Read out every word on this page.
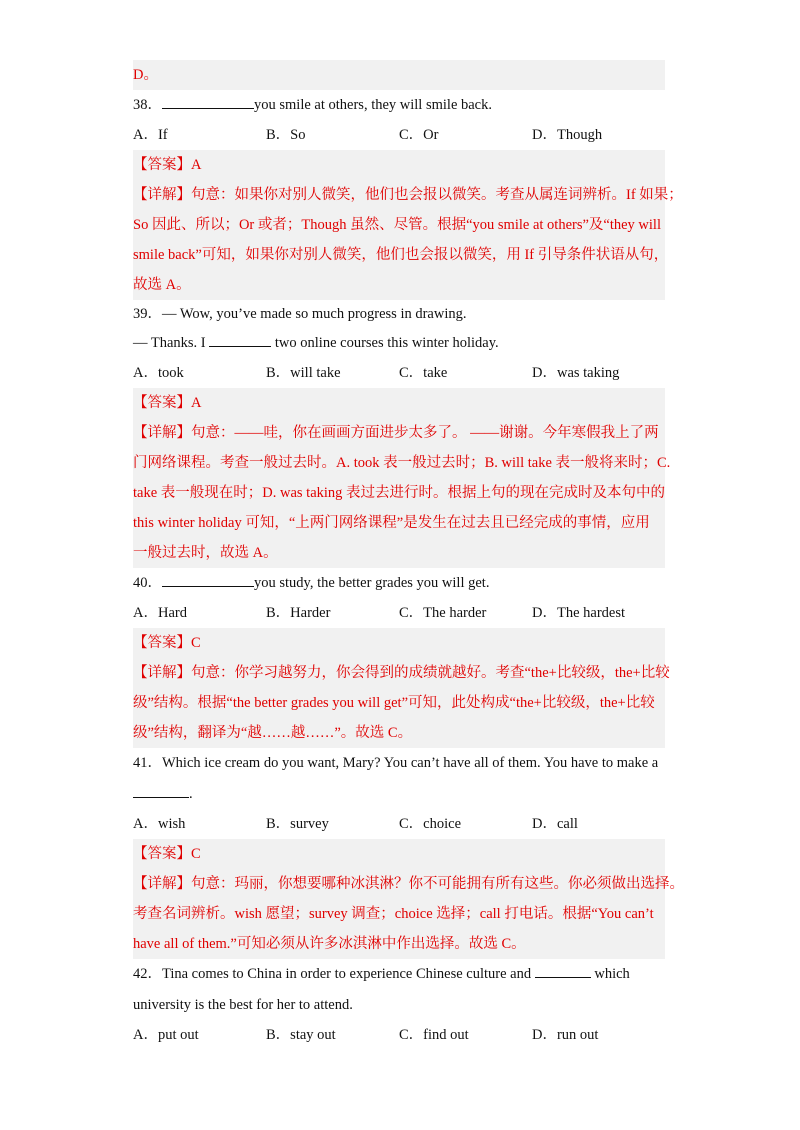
D。
38．	you smile at others, they will smile back.
A．If	B．So	C．Or	D．Though
【答案】A
【详解】句意：如果你对别人微笑，他们也会报以微笑。考查从属连词辨析。If 如果；
So 因此、所以；Or 或者；Though 虽然、尽管。根据“you smile at others”及“they will
smile back”可知，如果你对别人微笑，他们也会报以微笑，用 If 引导条件状语从句，
故选 A。
39．— Wow, you’ve made so much progress in drawing.
— Thanks. I	two online courses this winter holiday.
A．took	B．will take	C．take	D．was taking
【答案】A
【详解】句意：——哇，你在画画方面进步太多了。 ——谢谢。今年寒假我上了两
门网络课程。考查一般过去时。A. took 表一般过去时；B. will take 表一般将来时；C.
take 表一般现在时；D. was taking 表过去进行时。根据上句的现在完成时及本句中的
this winter holiday 可知，“上两门网络课程”是发生在过去且已经完成的事情，应用
一般过去时，故选 A。
40．	you study, the better grades you will get.
A．Hard	B．Harder	C．The harder	D．The hardest
【答案】C
【详解】句意：你学习越努力，你会得到的成绩就越好。考查“the+比较级，the+比较
级”结构。根据“the better grades you will get”可知，此处构成“the+比较级，the+比较
级”结构，翻译为“越……越……”。故选 C。
41．Which ice cream do you want, Mary? You can’t have all of them. You have to make a
.
A．wish	B．survey	C．choice	D．call
【答案】C
【详解】句意：玛丽，你想要哪种冰淇淋？你不可能拥有所有这些。你必须做出选择。
考查名词辨析。wish 愿望；survey 调查；choice 选择；call 打电话。根据“You can’t
have all of them.”可知必须从许多冰淇淋中作出选择。故选 C。
42．Tina comes to China in order to experience Chinese culture and	which
university is the best for her to attend.
A．put out	B．stay out	C．find out	D．run out
